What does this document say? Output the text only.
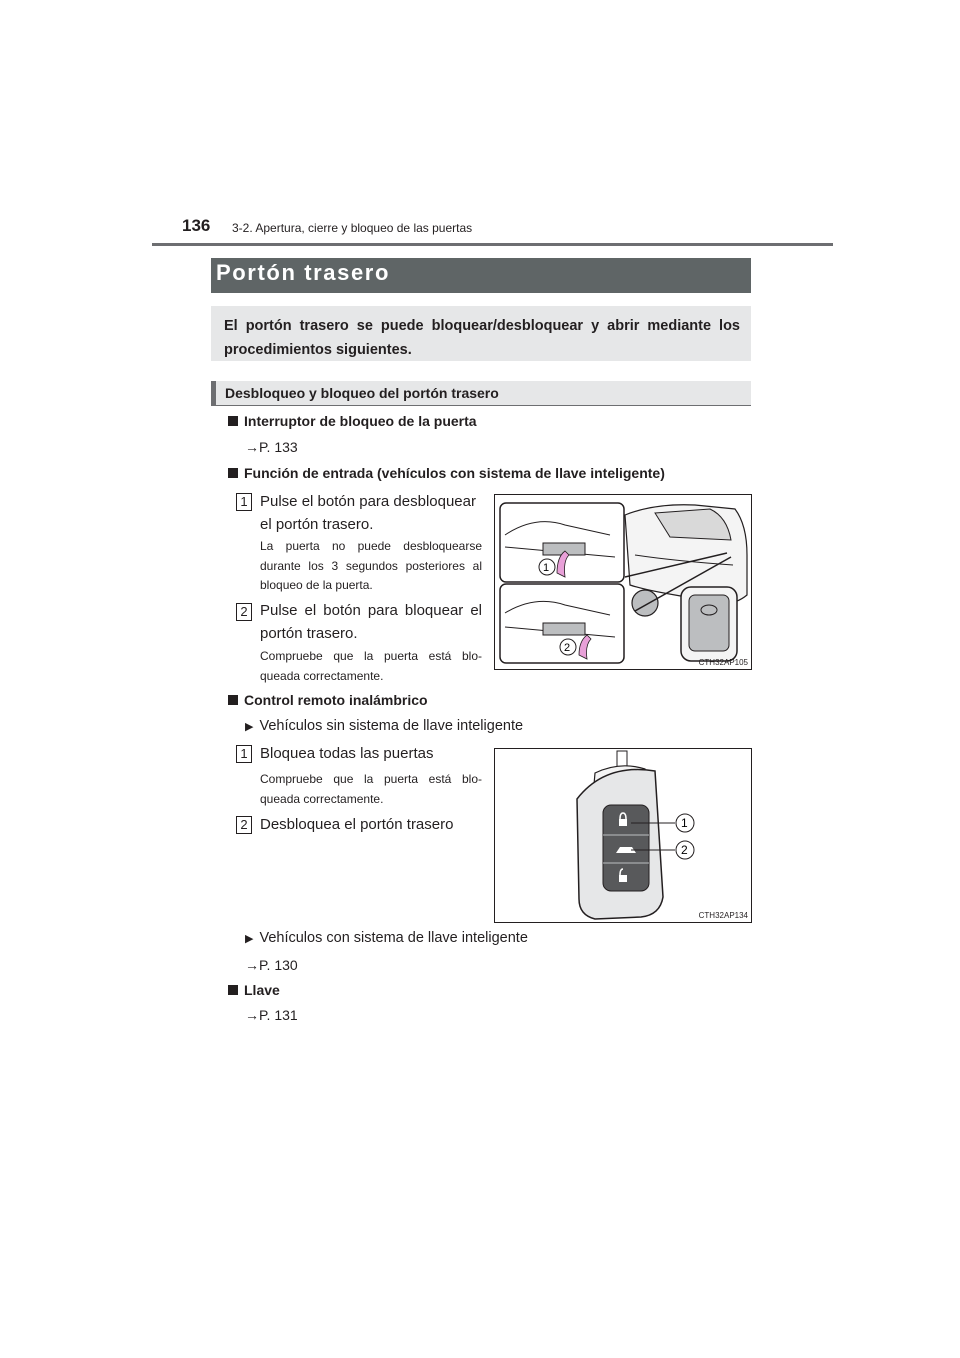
136 3-2. Apertura, cierre y bloqueo de las puertas
Portón trasero
El portón trasero se puede bloquear/desbloquear y abrir mediante los procedimientos siguientes.
Desbloqueo y bloqueo del portón trasero
Interruptor de bloqueo de la puerta
→P. 133
Función de entrada (vehículos con sistema de llave inteligente)
1 Pulse el botón para desbloquear el portón trasero.
La puerta no puede desbloquearse durante los 3 segundos posteriores al bloqueo de la puerta.
2 Pulse el botón para bloquear el portón trasero.
Compruebe que la puerta está blo- queada correctamente.
1
2
CTH32AP105
Control remoto inalámbrico
▶ Vehículos sin sistema de llave inteligente
1 Bloquea todas las puertas
Compruebe que la puerta está blo- queada correctamente.
2 Desbloquea el portón trasero	1
2
CTH32AP134
▶ Vehículos con sistema de llave inteligente
→P. 130
Llave
→P. 131
